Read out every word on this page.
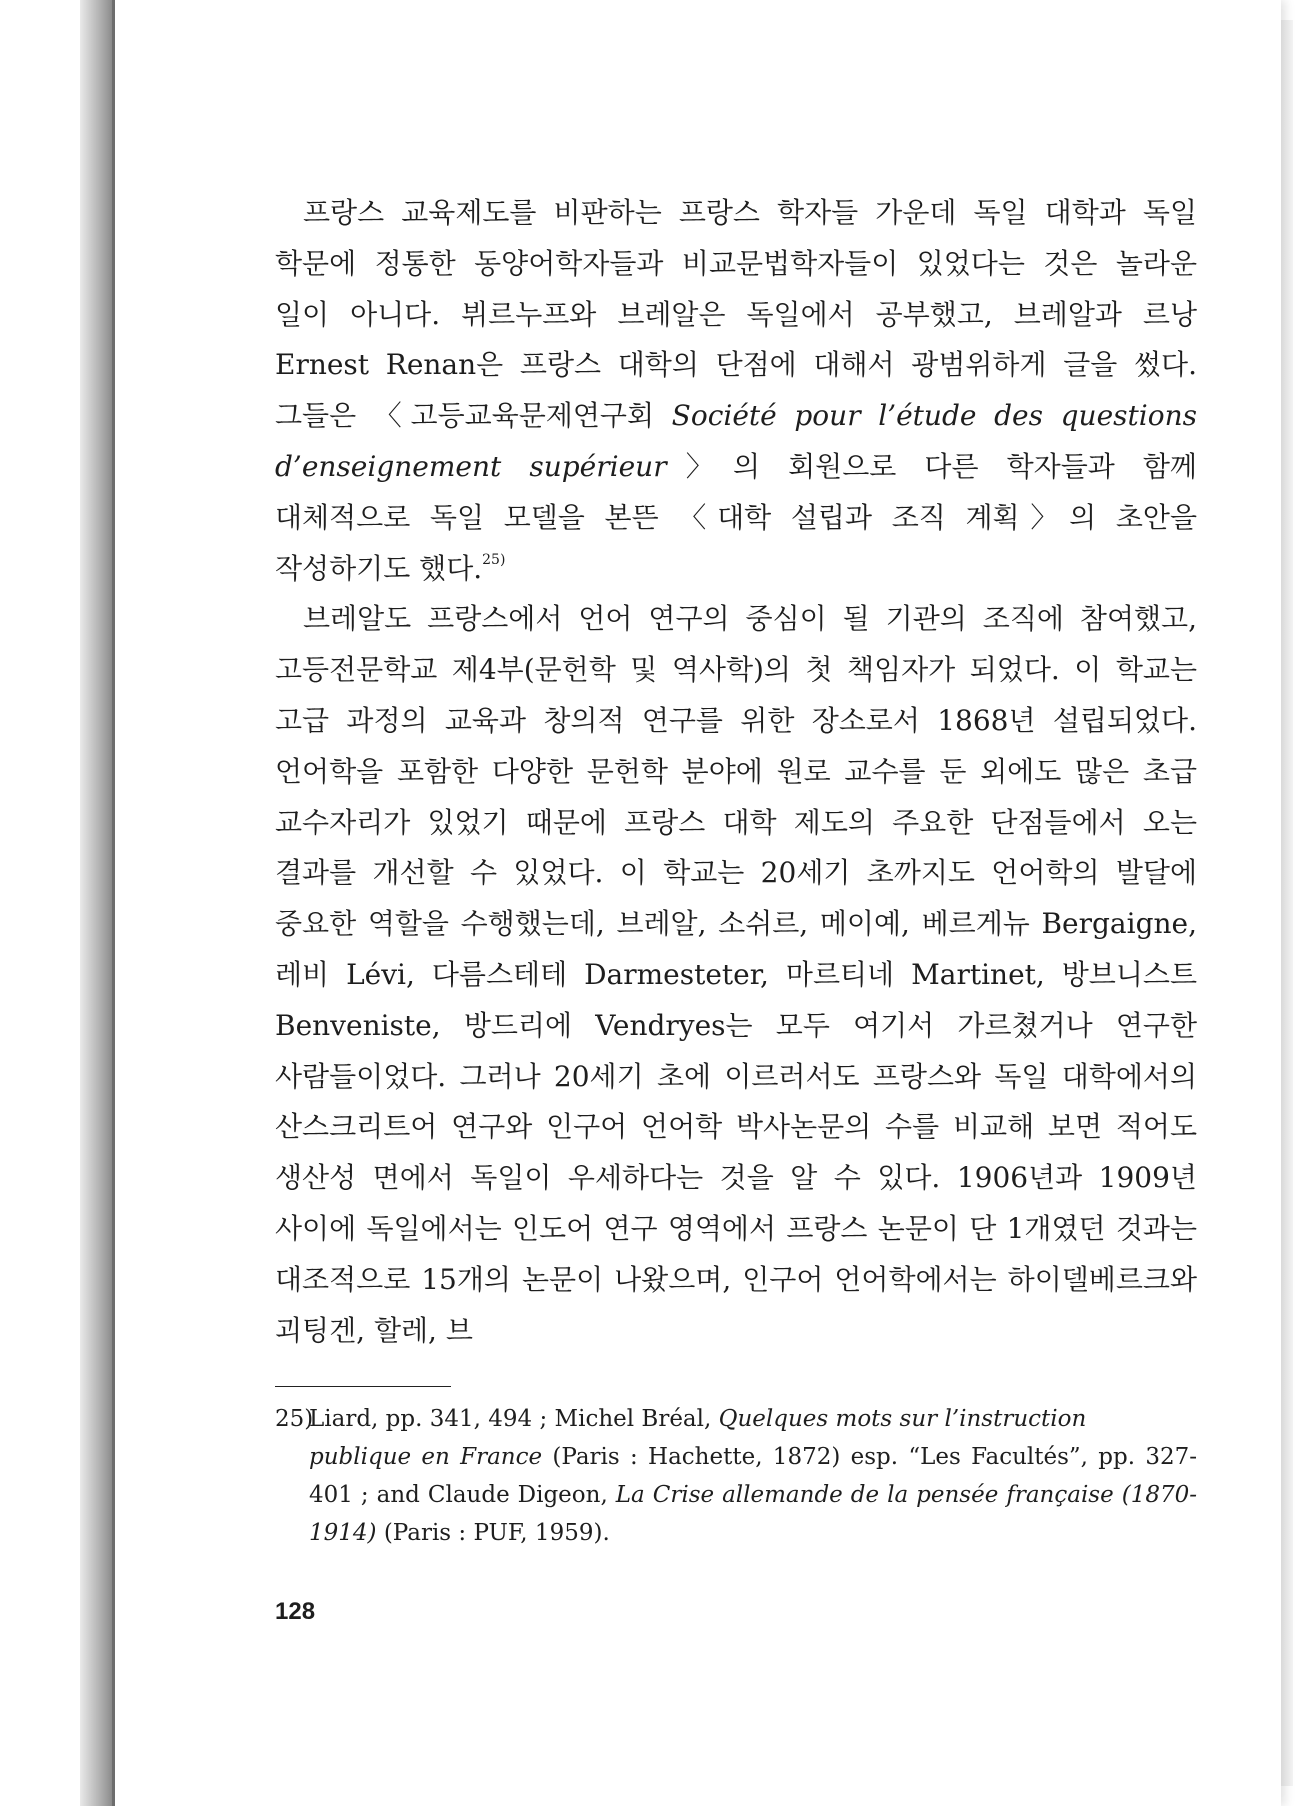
프랑스 교육제도를 비판하는 프랑스 학자들 가운데 독일 대학과 독일 학문에 정통한 동양어학자들과 비교문법학자들이 있었다는 것은 놀라운 일이 아니다. 뷔르누프와 브레알은 독일에서 공부했고, 브레알과 르낭 Ernest Renan은 프랑스 대학의 단점에 대해서 광범위하게 글을 썼다. 그들은 〈고등교육문제연구회 Société pour l’étude des questions d’enseignement supérieur〉의 회원으로 다른 학자들과 함께 대체적으로 독일 모델을 본뜬 〈대학 설립과 조직 계획〉의 초안을 작성하기도 했다.$^{25)}$

브레알도 프랑스에서 언어 연구의 중심이 될 기관의 조직에 참여했고, 고등전문학교 제4부(문헌학 및 역사학)의 첫 책임자가 되었다. 이 학교는 고급 과정의 교육과 창의적 연구를 위한 장소로서 1868년 설립되었다. 언어학을 포함한 다양한 문헌학 분야에 원로 교수를 둔 외에도 많은 초급 교수자리가 있었기 때문에 프랑스 대학 제도의 주요한 단점들에서 오는 결과를 개선할 수 있었다. 이 학교는 20세기 초까지도 언어학의 발달에 중요한 역할을 수행했는데, 브레알, 소쉬르, 메이예, 베르게뉴 Bergaigne, 레비 Lévi, 다름스테테 Darmesteter, 마르티네 Martinet, 방브니스트 Benveniste, 방드리에 Vendryes는 모두 여기서 가르쳤거나 연구한 사람들이었다. 그러나 20세기 초에 이르러서도 프랑스와 독일 대학에서의 산스크리트어 연구와 인구어 언어학 박사논문의 수를 비교해 보면 적어도 생산성 면에서 독일이 우세하다는 것을 알 수 있다. 1906년과 1909년 사이에 독일에서는 인도어 연구 영역에서 프랑스 논문이 단 1개였던 것과는 대조적으로 15개의 논문이 나왔으며, 인구어 언어학에서는 하이델베르크와 괴팅겐, 할레, 브

25)Liard, pp. 341, 494 ; Michel Bréal, Quelques mots sur l’instruction
publique en France (Paris : Hachette, 1872) esp. “Les Facultés”, pp. 327-401 ; and Claude Digeon, La Crise allemande de la pensée française (1870-1914) (Paris : PUF, 1959).
128
